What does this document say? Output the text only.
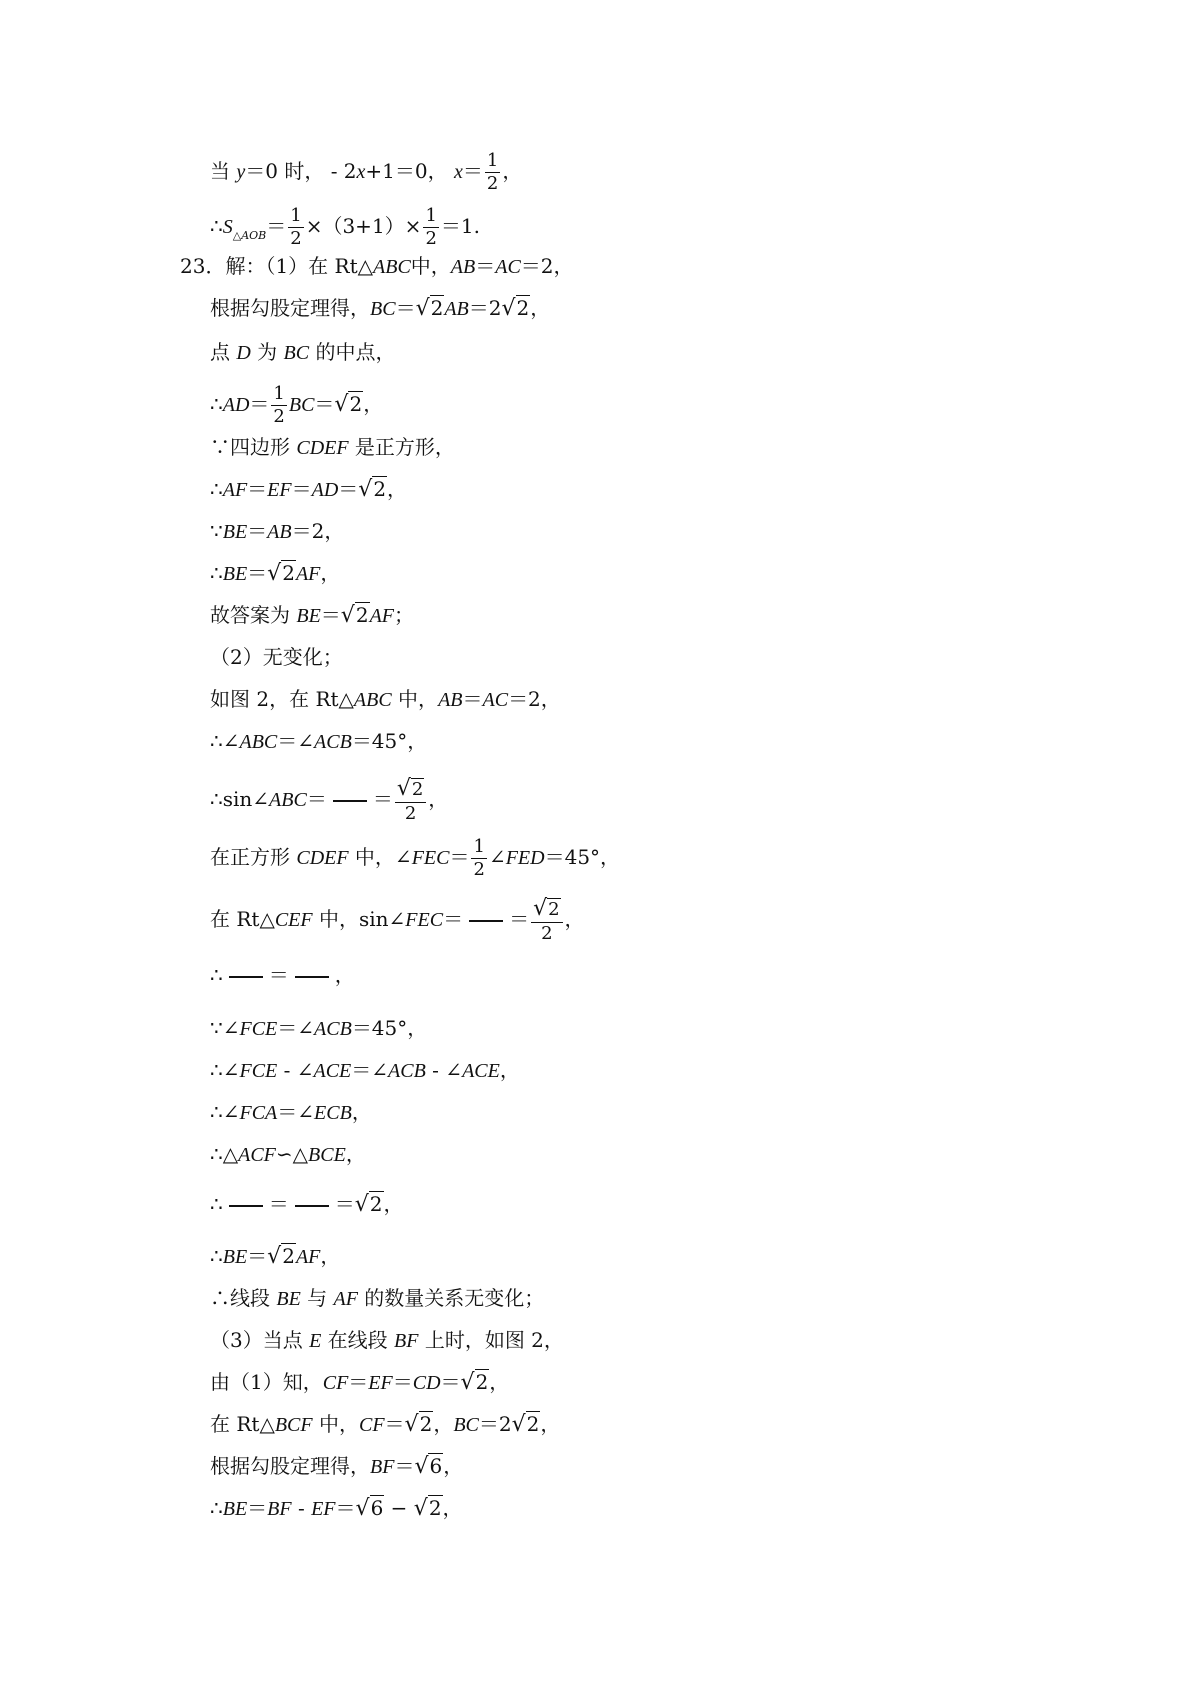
当 y＝0 时， ‐ 2x+1＝0， $x= \frac{1}{2}$ ，
$\therefore S_{\triangle AOB}= \frac{1}{2} \times(3+1)\times \frac{1}{2} =1$.
23．解：（1）在 Rt△ABC中，AB＝AC＝2，
根据勾股定理得，BC＝√2AB＝2√2，
点 D 为 BC 的中点，
∴AD＝ $\frac{1}{2} BC=√2$，
∵四边形 CDEF 是正方形，
∴AF＝EF＝AD＝√2，
∵BE＝AB＝2，
∴BE＝√2AF，
故答案为 BE＝√2AF；
（2）无变化；
如图 2，在 Rt△ABC 中，AB＝AC＝2，
∴∠ABC＝∠ACB＝45°，
∴sin∠ABC＝ ＝ $\frac{√2}{2}$ ，
在正方形 CDEF 中，∠FEC＝ $\frac{1}{2}$ ∠FED＝45°，
在 Rt△CEF 中，sin∠FEC＝ ＝ $\frac{√2}{2}$ ，
∴ ＝ ，
∵∠FCE＝∠ACB＝45°，
∴∠FCE ‐ ∠ACE＝∠ACB ‐ ∠ACE，
∴∠FCA＝∠ECB，
∴△ACF∽△BCE，
∴ ＝ ＝√2，
∴BE＝√2AF，
∴线段 BE 与 AF 的数量关系无变化；
（3）当点 E 在线段 BF 上时，如图 2，
由（1）知，CF＝EF＝CD＝√2，
在 Rt△BCF 中，CF＝√2，BC＝2√2，
根据勾股定理得，BF＝√6，
∴BE＝BF ‐ EF＝√6 − √2，
